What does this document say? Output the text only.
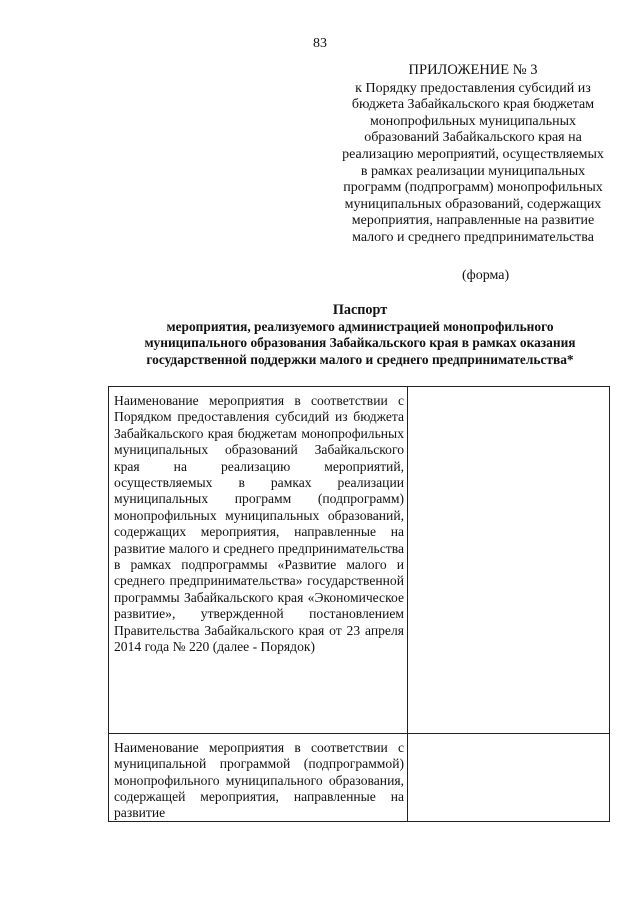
83
ПРИЛОЖЕНИЕ № 3
к Порядку предоставления субсидий из
бюджета Забайкальского края бюджетам
монопрофильных муниципальных
образований Забайкальского края на
реализацию мероприятий, осуществляемых
в рамках реализации муниципальных
программ (подпрограмм) монопрофильных
муниципальных образований, содержащих
мероприятия, направленные на развитие
малого и среднего предпринимательства
(форма)
Паспорт
мероприятия, реализуемого администрацией монопрофильного
муниципального образования Забайкальского края в рамках оказания
государственной поддержки малого и среднего предпринимательства*
Наименование мероприятия в соответствии с Порядком предоставления субсидий из бюджета Забайкальского края бюджетам монопрофильных муниципальных образований Забайкальского края на реализацию мероприятий, осуществляемых в рамках реализации муниципальных программ (подпрограмм) монопрофильных муниципальных образований, содержащих мероприятия, направленные на развитие малого и среднего предпринимательства в рамках подпрограммы «Развитие малого и среднего предпринимательства» государственной программы Забайкальского края «Экономическое развитие», утвержденной постановлением Правительства Забайкальского края от 23 апреля 2014 года № 220 (далее - Порядок)	

Наименование мероприятия в соответствии с муниципальной программой (подпрограммой) монопрофильного муниципального образования, содержащей мероприятия, направленные на развитие	
